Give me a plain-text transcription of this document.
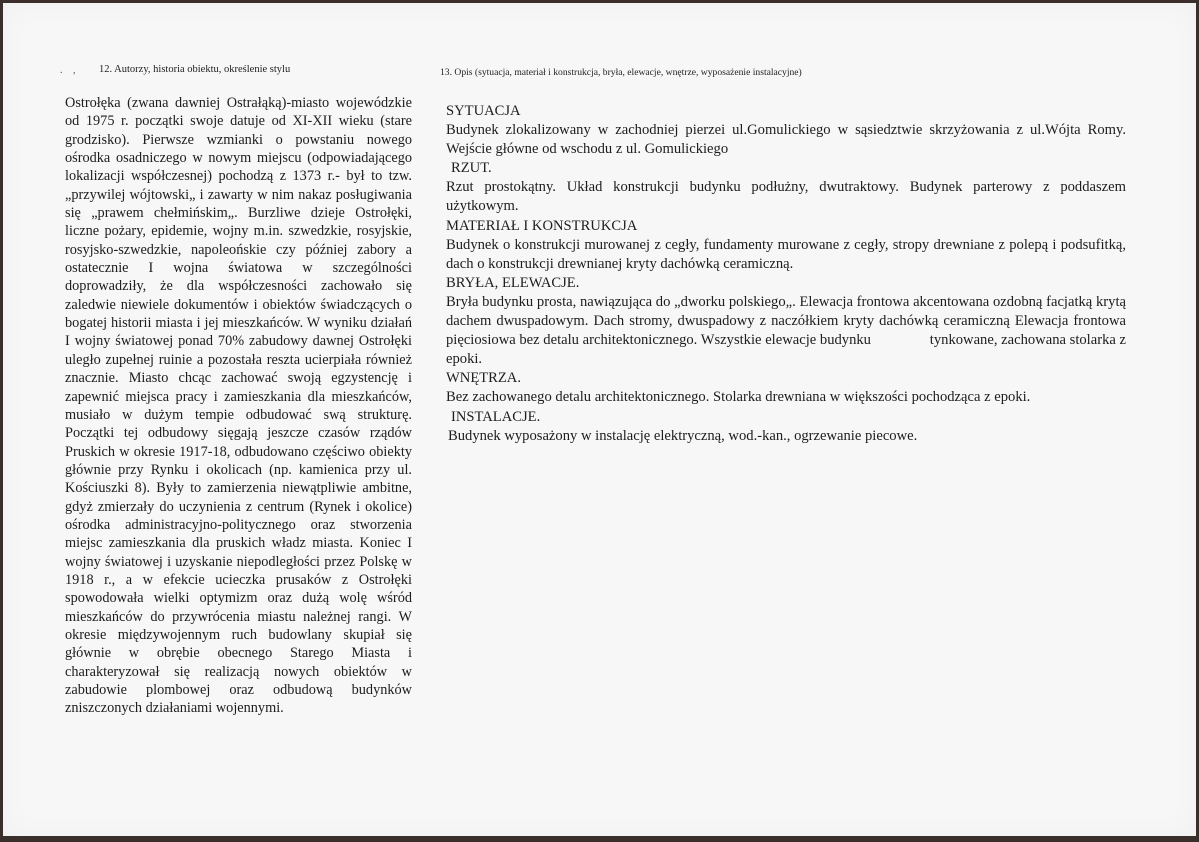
. , 12. Autorzy, historia obiektu, określenie stylu

Ostrołęka (zwana dawniej Ostrałąką)-miasto wojewódzkie od 1975 r. początki swoje datuje od XI-XII wieku (stare grodzisko). Pierwsze wzmianki o powstaniu nowego ośrodka osadniczego w nowym miejscu (odpowiadającego lokalizacji współczesnej) pochodzą z 1373 r.- był to tzw.„przywilej wójtowski„ i zawarty w nim nakaz posługiwania się „prawem chełmińskim„. Burzliwe dzieje Ostrołęki, liczne pożary, epidemie, wojny m.in. szwedzkie, rosyjskie, rosyjsko-szwedzkie, napoleońskie czy później zabory a ostatecznie I wojna światowa w szczególności doprowadziły, że dla współczesności zachowało się zaledwie niewiele dokumentów i obiektów świadczących o bogatej historii miasta i jej mieszkańców. W wyniku działań I wojny światowej ponad 70% zabudowy dawnej Ostrołęki uległo zupełnej ruinie a pozostała reszta ucierpiała również znacznie. Miasto chcąc zachować swoją egzystencję i zapewnić miejsca pracy i zamieszkania dla mieszkańców, musiało w dużym tempie odbudować swą strukturę. Początki tej odbudowy sięgają jeszcze czasów rządów Pruskich w okresie 1917-18, odbudowano częściwo obiekty głównie przy Rynku i okolicach (np. kamienica przy ul. Kościuszki 8). Były to zamierzenia niewątpliwie ambitne, gdyż zmierzały do uczynienia z centrum (Rynek i okolice) ośrodka administracyjno-politycznego oraz stworzenia miejsc zamieszkania dla pruskich władz miasta. Koniec I wojny światowej i uzyskanie niepodległości przez Polskę w 1918 r., a w efekcie ucieczka prusaków z Ostrołęki spowodowała wielki optymizm oraz dużą wolę wśród mieszkańców do przywrócenia miastu należnej rangi. W okresie międzywojennym ruch budowlany skupiał się głównie w obrębie obecnego Starego Miasta i charakteryzował się realizacją nowych obiektów w zabudowie plombowej oraz odbudową budynków zniszczonych działaniami wojennymi.

13. Opis (sytuacja, materiał i konstrukcja, bryła, elewacje, wnętrze, wyposażenie instalacyjne)

SYTUACJA

Budynek zlokalizowany w zachodniej pierzei ul.Gomulickiego w sąsiedztwie skrzyżowania z ul.Wójta Romy. Wejście główne od wschodu z ul. Gomulickiego

RZUT.

Rzut prostokątny. Układ konstrukcji budynku podłużny, dwutraktowy. Budynek parterowy z poddaszem użytkowym.

MATERIAŁ I KONSTRUKCJA

Budynek o konstrukcji murowanej z cegły, fundamenty murowane z cegły, stropy drewniane z polepą i podsufitką, dach o konstrukcji drewnianej kryty dachówką ceramiczną.

BRYŁA, ELEWACJE.

Bryła budynku prosta, nawiązująca do „dworku polskiego„. Elewacja frontowa akcentowana ozdobną facjatką krytą dachem dwuspadowym. Dach stromy, dwuspadowy z naczółkiem kryty dachówką ceramiczną Elewacja frontowa  pięciosiowa bez detalu architektonicznego. Wszystkie elewacje budynku                tynkowane, zachowana stolarka z epoki.

WNĘTRZA.

Bez zachowanego detalu architektonicznego. Stolarka drewniana w większości pochodząca z epoki.

INSTALACJE.

Budynek wyposażony w instalację elektryczną, wod.-kan., ogrzewanie piecowe.
